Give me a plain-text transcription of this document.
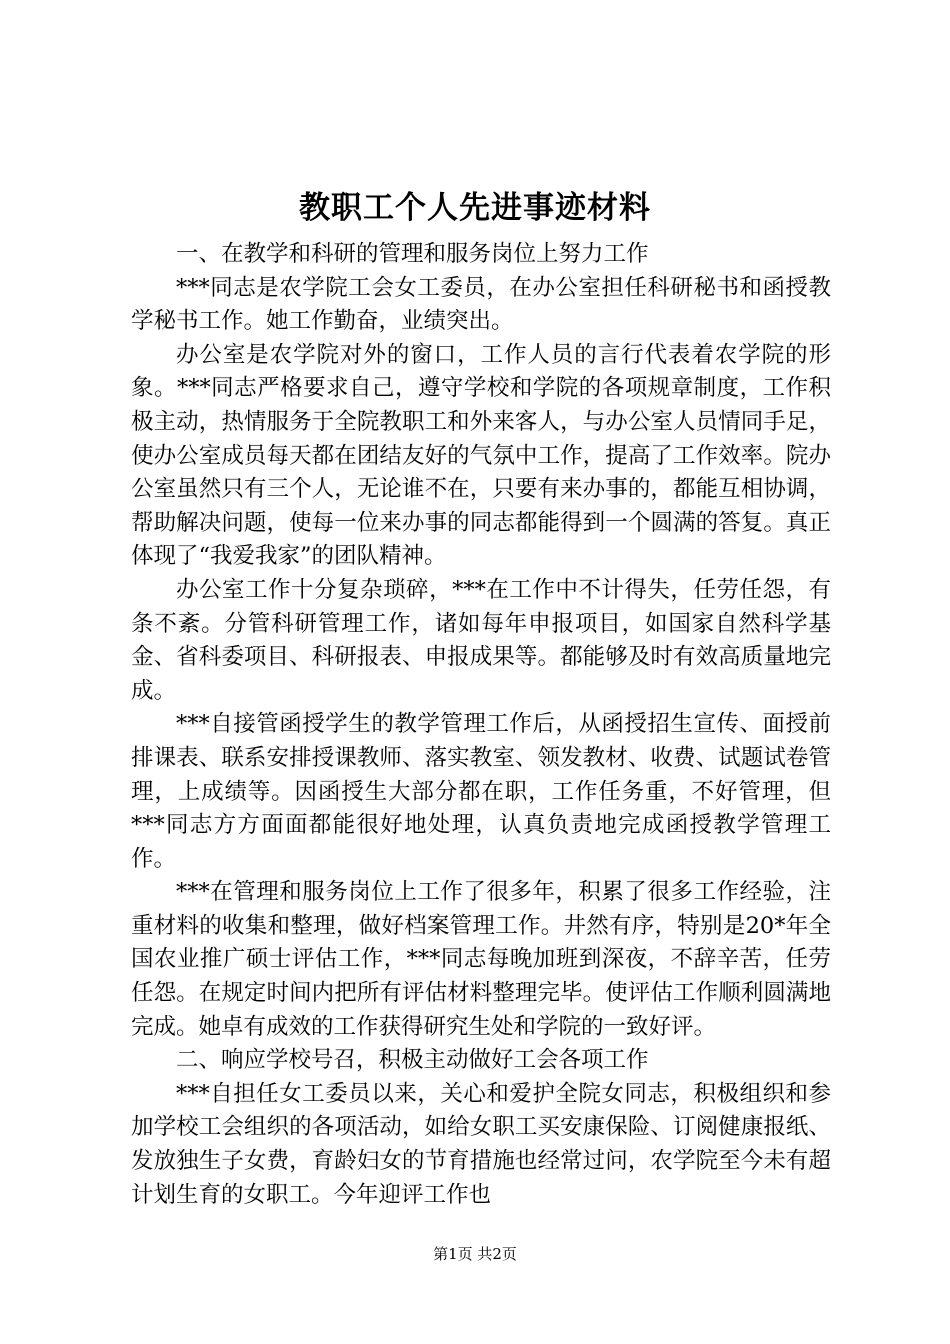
教职工个人先进事迹材料

一、在教学和科研的管理和服务岗位上努力工作

***同志是农学院工会女工委员，在办公室担任科研秘书和函授教学秘书工作。她工作勤奋，业绩突出。

办公室是农学院对外的窗口，工作人员的言行代表着农学院的形象。***同志严格要求自己，遵守学校和学院的各项规章制度，工作积极主动，热情服务于全院教职工和外来客人，与办公室人员情同手足，使办公室成员每天都在团结友好的气氛中工作，提高了工作效率。院办公室虽然只有三个人，无论谁不在，只要有来办事的，都能互相协调，帮助解决问题，使每一位来办事的同志都能得到一个圆满的答复。真正体现了“我爱我家”的团队精神。

办公室工作十分复杂琐碎，***在工作中不计得失，任劳任怨，有条不紊。分管科研管理工作，诸如每年申报项目，如国家自然科学基金、省科委项目、科研报表、申报成果等。都能够及时有效高质量地完成。

***自接管函授学生的教学管理工作后，从函授招生宣传、面授前排课表、联系安排授课教师、落实教室、领发教材、收费、试题试卷管理，上成绩等。因函授生大部分都在职，工作任务重，不好管理，但***同志方方面面都能很好地处理，认真负责地完成函授教学管理工作。

***在管理和服务岗位上工作了很多年，积累了很多工作经验，注重材料的收集和整理，做好档案管理工作。井然有序，特别是20*年全国农业推广硕士评估工作，***同志每晚加班到深夜，不辞辛苦，任劳任怨。在规定时间内把所有评估材料整理完毕。使评估工作顺利圆满地完成。她卓有成效的工作获得研究生处和学院的一致好评。

二、响应学校号召，积极主动做好工会各项工作

***自担任女工委员以来，关心和爱护全院女同志，积极组织和参加学校工会组织的各项活动，如给女职工买安康保险、订阅健康报纸、发放独生子女费，育龄妇女的节育措施也经常过问，农学院至今未有超计划生育的女职工。今年迎评工作也

第1页 共2页
